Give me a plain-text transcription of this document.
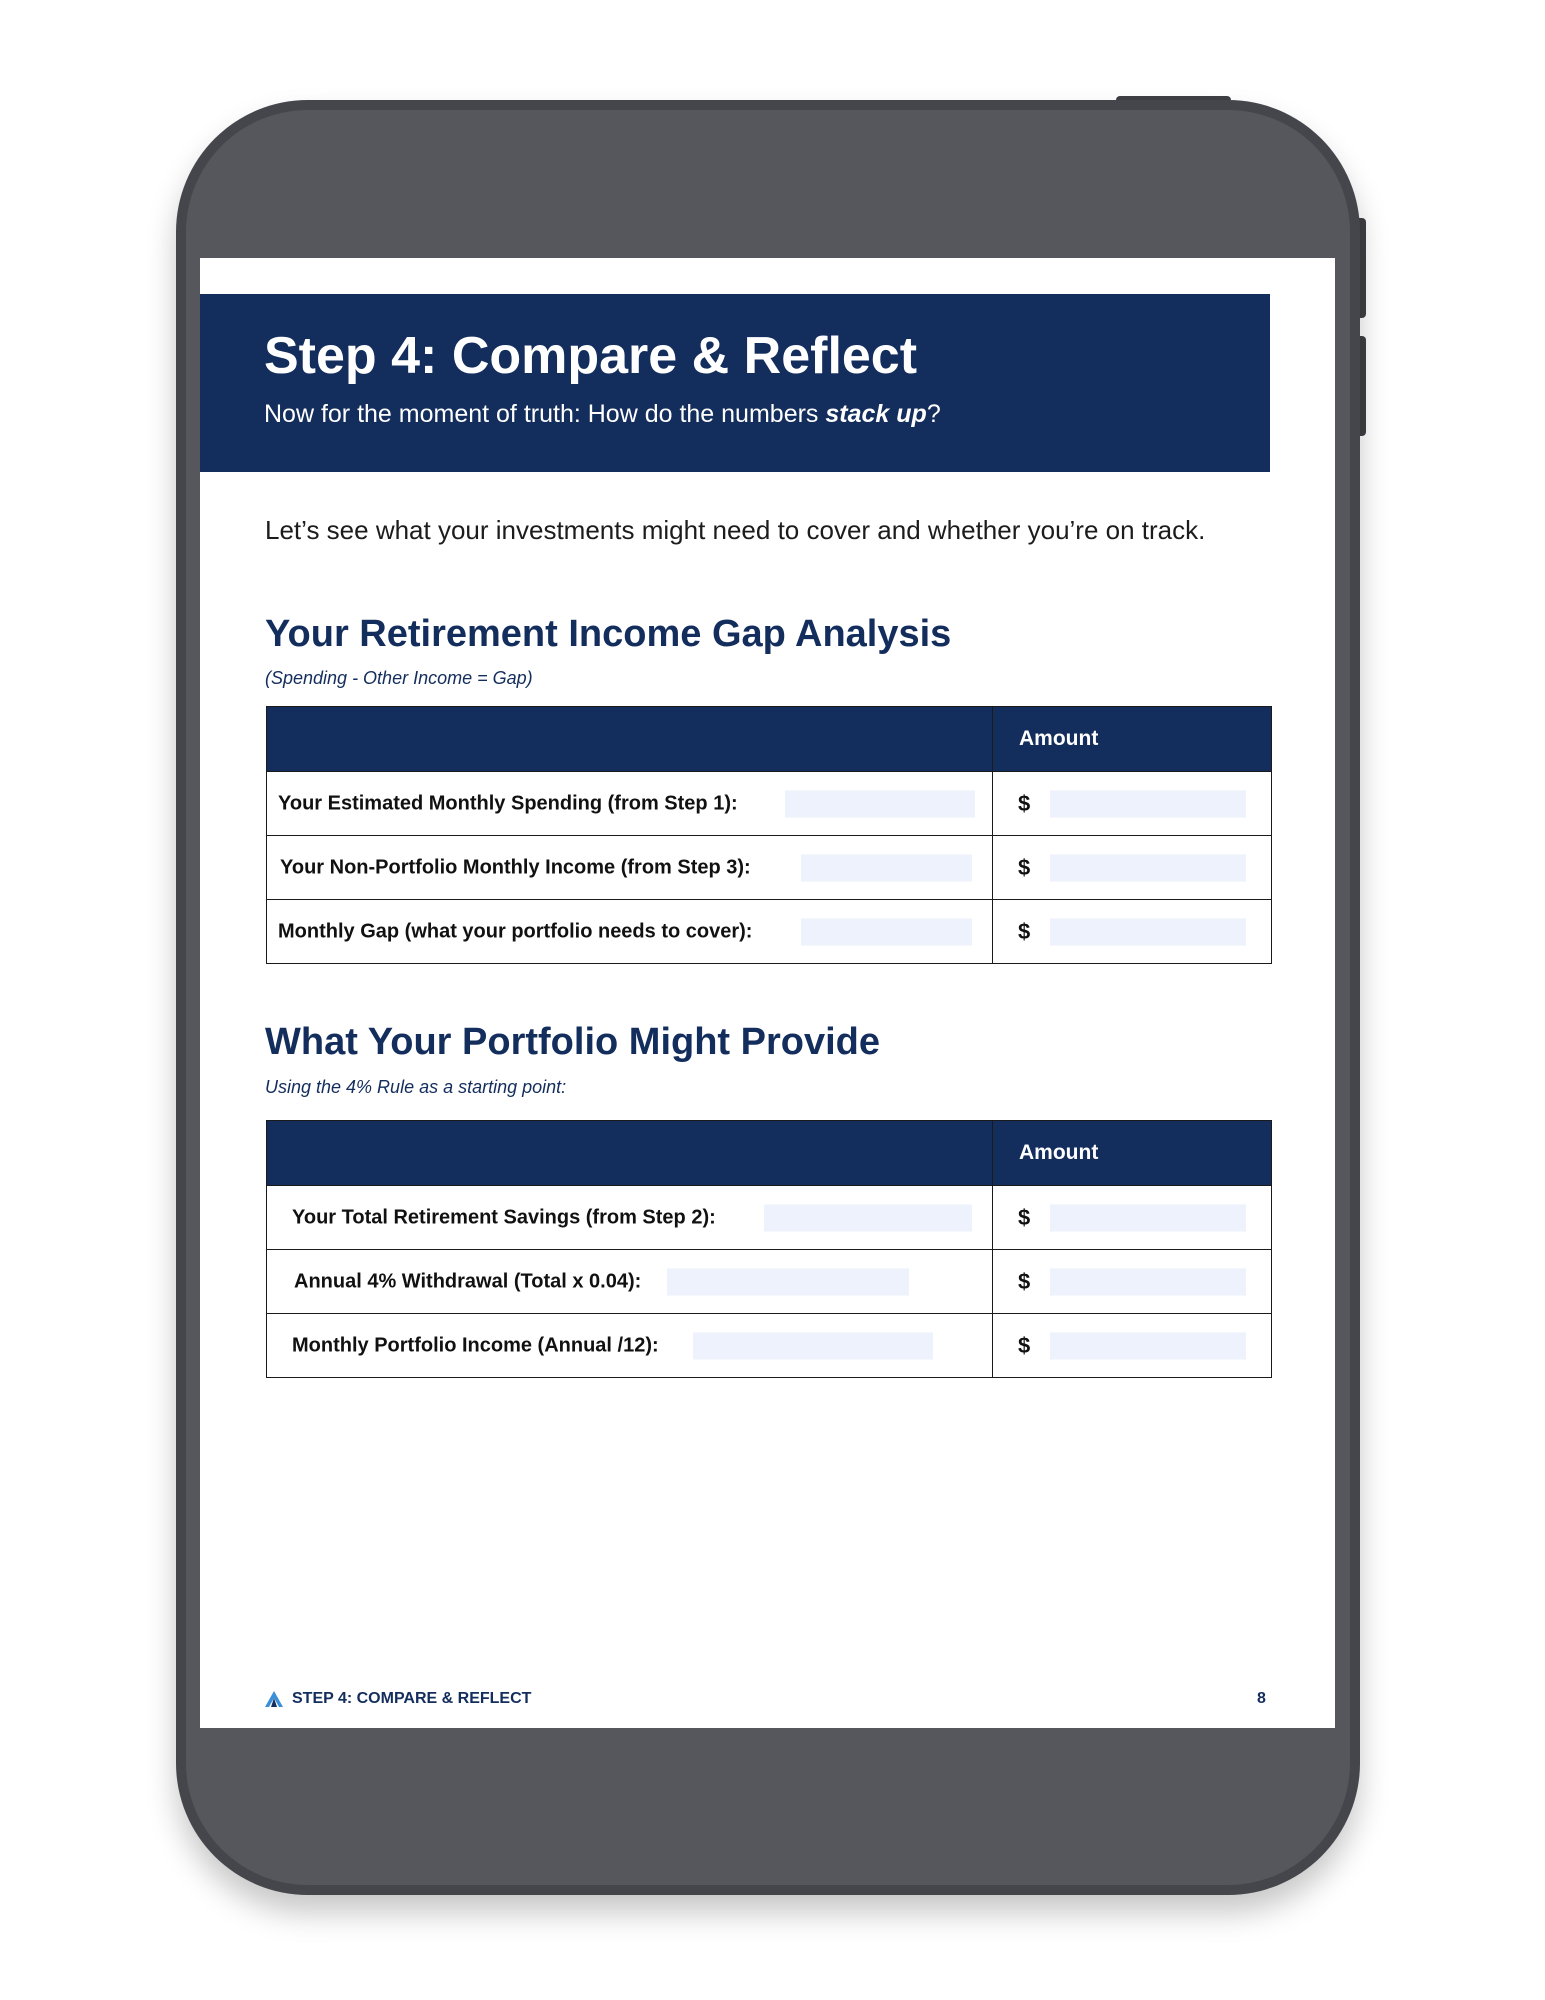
Step 4: Compare & Reflect

Now for the moment of truth: How do the numbers stack up?

Let’s see what your investments might need to cover and whether you’re on track.

Your Retirement Income Gap Analysis

(Spending - Other Income = Gap)

	Amount

Your Estimated Monthly Spending (from Step 1):	$

Your Non-Portfolio Monthly Income (from Step 3):	$

Monthly Gap (what your portfolio needs to cover):	$
What Your Portfolio Might Provide

Using the 4% Rule as a starting point:

	Amount

Your Total Retirement Savings (from Step 2):	$

Annual 4% Withdrawal (Total x 0.04):	$

Monthly Portfolio Income (Annual /12):	$

STEP 4: COMPARE & REFLECT	8
